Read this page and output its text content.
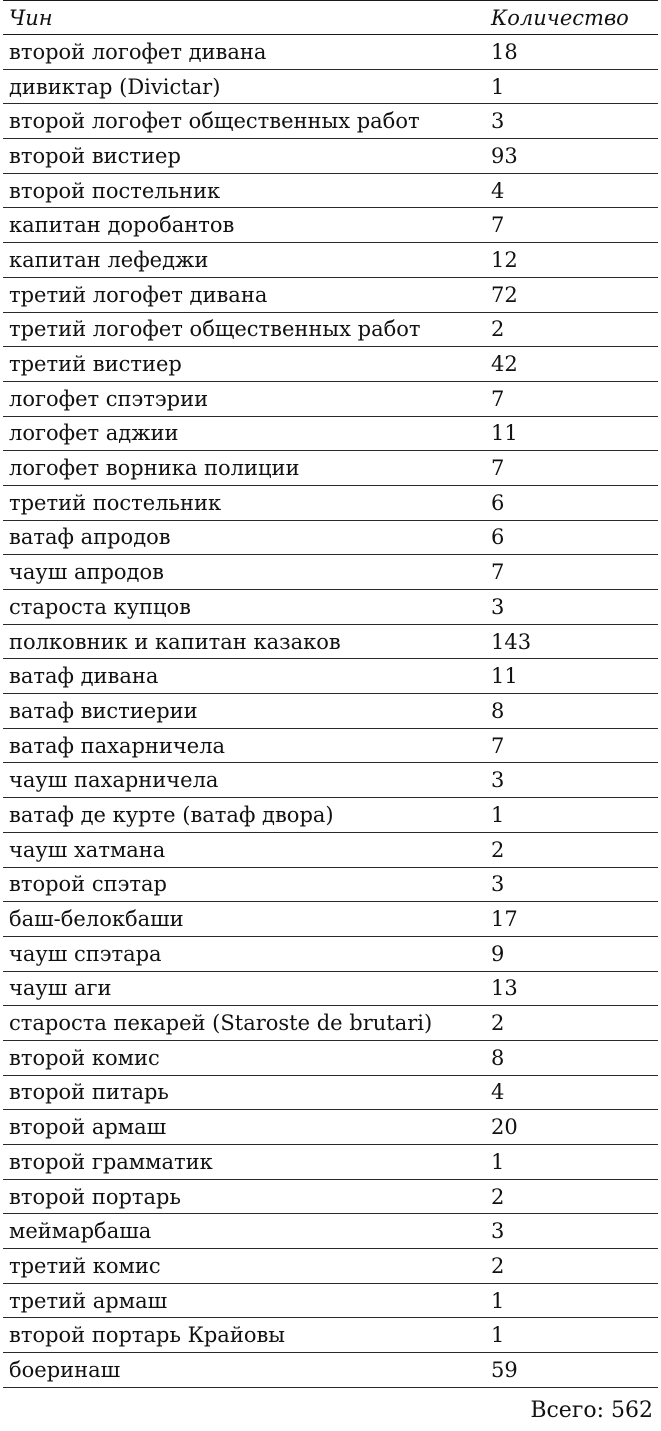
Чин	Количество
второй логофет дивана	18
дивиктар (Divictar)	1
второй логофет общественных работ	3
второй вистиер	93
второй постельник	4
капитан доробантов	7
капитан лефеджи	12
третий логофет дивана	72
третий логофет общественных работ	2
третий вистиер	42
логофет спэтэрии	7
логофет аджии	11
логофет ворника полиции	7
третий постельник	6
ватаф апродов	6
чауш апродов	7
староста купцов	3
полковник и капитан казаков	143
ватаф дивана	11
ватаф вистиерии	8
ватаф пахарничела	7
чауш пахарничела	3
ватаф де курте (ватаф двора)	1
чауш хатмана	2
второй спэтар	3
баш-белокбаши	17
чауш спэтара	9
чауш аги	13
староста пекарей (Staroste de brutari)	2
второй комис	8
второй питарь	4
второй армаш	20
второй грамматик	1
второй портарь	2
меймарбаша	3
третий комис	2
третий армаш	1
второй портарь Крайовы	1
боеринаш	59
Всего: 562
